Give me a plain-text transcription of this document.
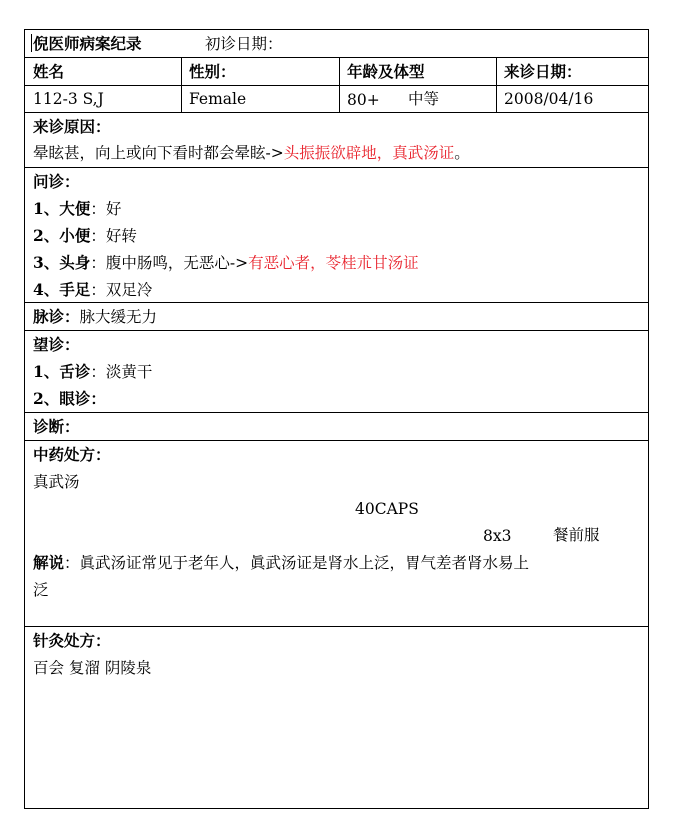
倪医师病案纪录	初诊日期：
姓名	性别：	年龄及体型	来诊日期：
112-3 S,J	Female	80+ 中等	2008/04/16
来诊原因：
晕眩甚，向上或向下看时都会晕眩->头振振欲辟地，真武汤证。
问诊：
1、大便：好
2、小便：好转
3、头身：腹中肠鸣，无恶心->有恶心者，苓桂朮甘汤证
4、手足：双足冷
脉诊：脉大缓无力
望诊：
1、舌诊：淡黄干
2、眼诊：
诊断：
中药处方：
真武汤
40CAPS
8x3	餐前服
解说：眞武汤证常见于老年人，眞武汤证是肾水上泛，胃气差者肾水易上
泛
针灸处方：
百会 复溜 阴陵泉
